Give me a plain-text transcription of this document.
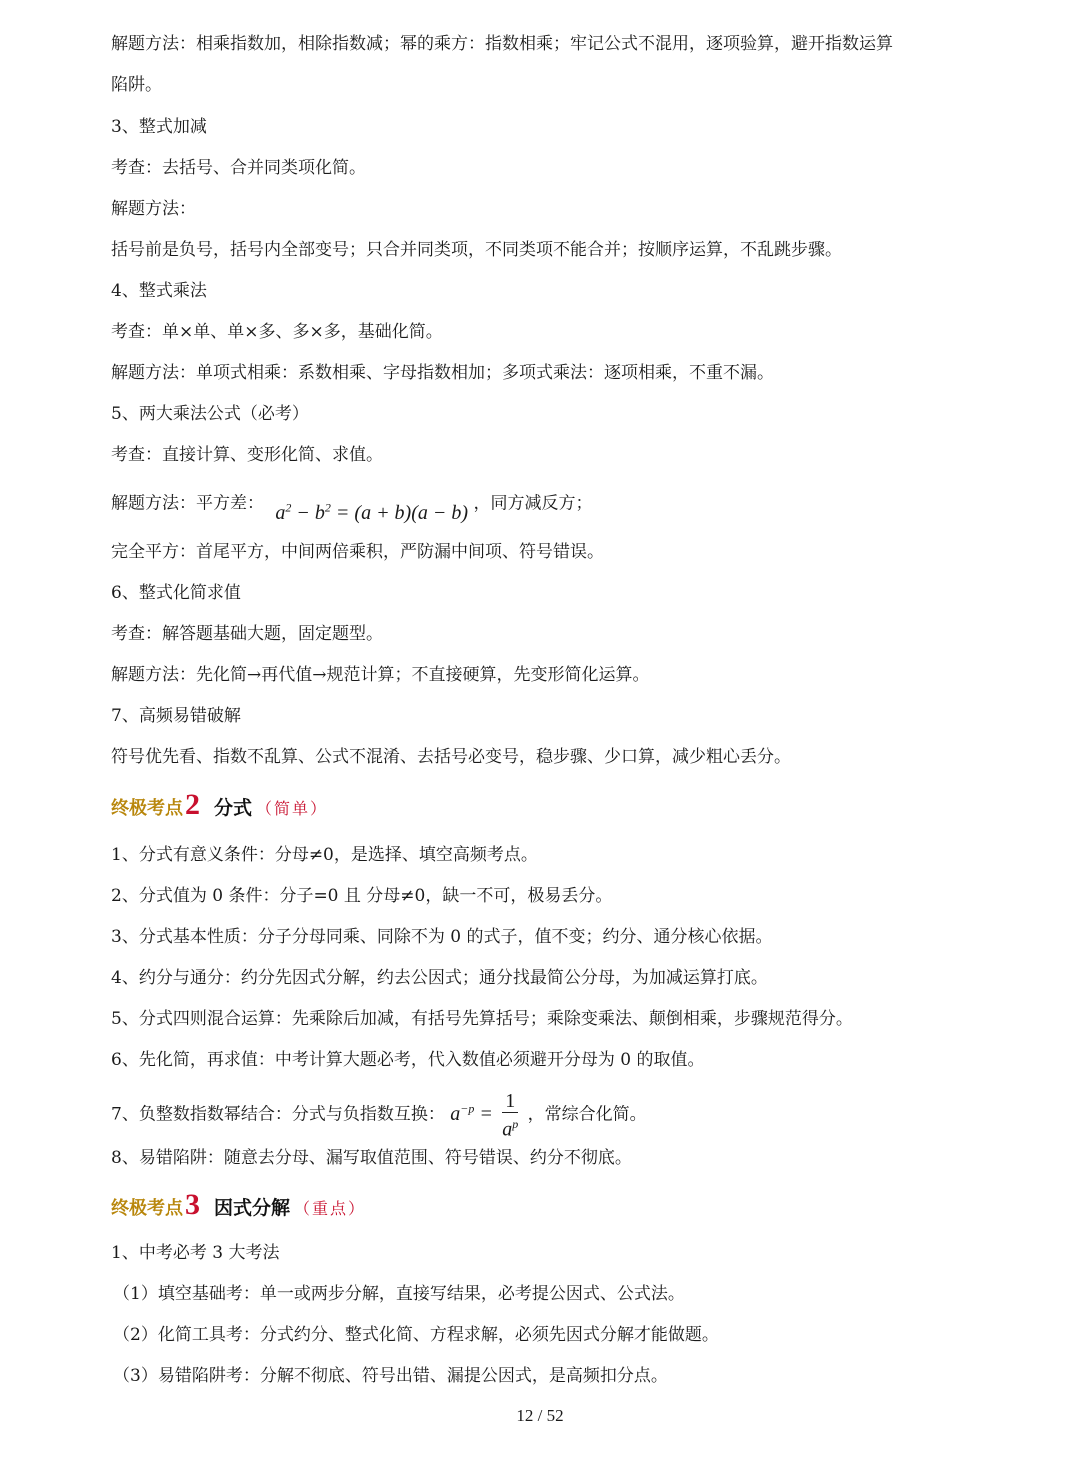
解题方法：相乘指数加，相除指数减；幂的乘方：指数相乘；牢记公式不混用，逐项验算，避开指数运算
陷阱。
3、整式加减
考查：去括号、合并同类项化简。
解题方法：
括号前是负号，括号内全部变号；只合并同类项，不同类项不能合并；按顺序运算，不乱跳步骤。
4、整式乘法
考查：单×单、单×多、多×多，基础化简。
解题方法：单项式相乘：系数相乘、字母指数相加；多项式乘法：逐项相乘，不重不漏。
5、两大乘法公式（必考）
考查：直接计算、变形化简、求值。
解题方法：平方差： $a^2 - b^2 = (a + b)(a - b)$ ，同方减反方；
完全平方：首尾平方，中间两倍乘积，严防漏中间项、符号错误。
6、整式化简求值
考查：解答题基础大题，固定题型。
解题方法：先化简→再代值→规范计算；不直接硬算，先变形简化运算。
7、高频易错破解
符号优先看、指数不乱算、公式不混淆、去括号必变号，稳步骤、少口算，减少粗心丢分。
终极考点2 分式 （简单）
1、分式有意义条件：分母≠0，是选择、填空高频考点。
2、分式值为 0 条件：分子=0 且 分母≠0，缺一不可，极易丢分。
3、分式基本性质：分子分母同乘、同除不为 0 的式子，值不变；约分、通分核心依据。
4、约分与通分：约分先因式分解，约去公因式；通分找最简公分母，为加减运算打底。
5、分式四则混合运算：先乘除后加减，有括号先算括号；乘除变乘法、颠倒相乘，步骤规范得分。
6、先化简，再求值：中考计算大题必考，代入数值必须避开分母为 0 的取值。
7、负整数指数幂结合：分式与负指数互换： $a^{-p} = \frac{1}{a^p}$ ，常综合化简。
8、易错陷阱：随意去分母、漏写取值范围、符号错误、约分不彻底。
终极考点3 因式分解 （重点）
1、中考必考 3 大考法
（1）填空基础考：单一或两步分解，直接写结果，必考提公因式、公式法。
（2）化简工具考：分式约分、整式化简、方程求解，必须先因式分解才能做题。
（3）易错陷阱考：分解不彻底、符号出错、漏提公因式，是高频扣分点。
12 / 52
